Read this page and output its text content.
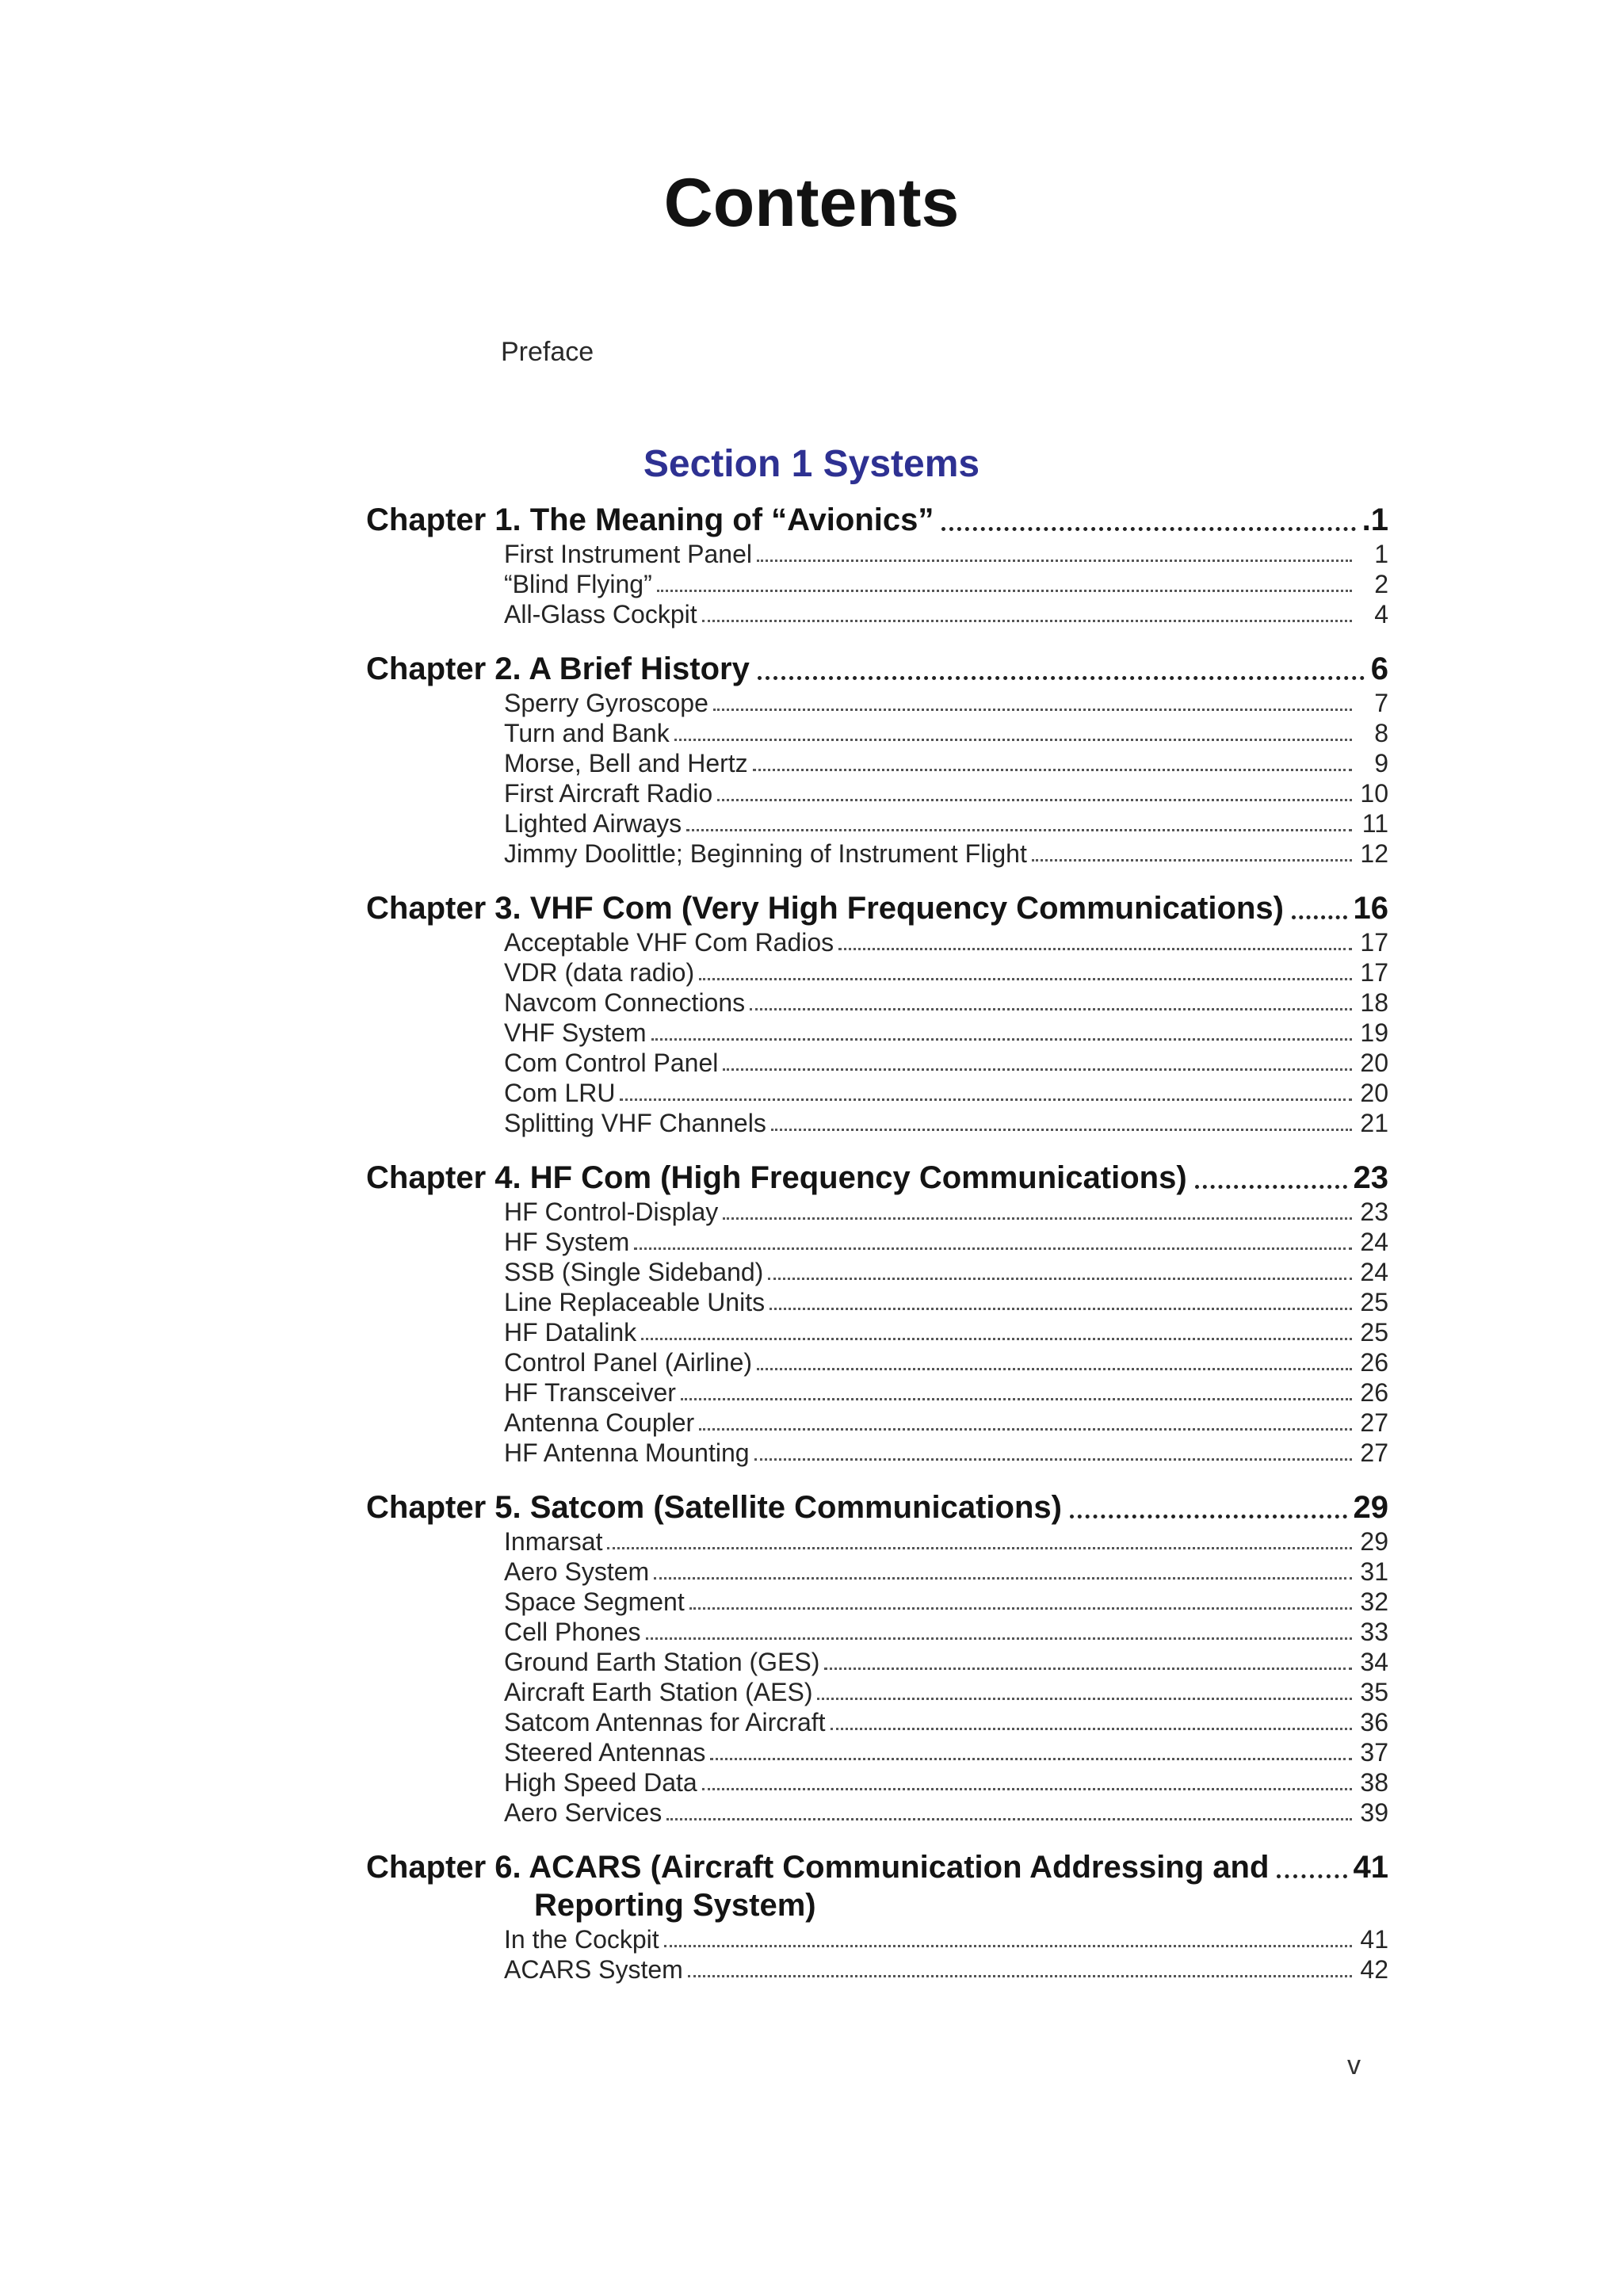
Contents
Preface
Section 1 Systems
Chapter 1. The Meaning of “Avionics”	.1
First Instrument Panel	1
“Blind Flying”	2
All-Glass Cockpit	4
Chapter 2. A Brief History	6
Sperry Gyroscope	7
Turn and Bank	8
Morse, Bell and Hertz	9
First Aircraft Radio	10
Lighted Airways	11
Jimmy Doolittle; Beginning of Instrument Flight	12
Chapter 3. VHF Com (Very High Frequency Communications) 16
Acceptable VHF Com Radios	17
VDR (data radio)	17
Navcom Connections	18
VHF System	19
Com Control Panel	20
Com LRU	20
Splitting VHF Channels	21
Chapter 4. HF Com (High Frequency Communications)	23
HF Control-Display	23
HF System	24
SSB (Single Sideband)	24
Line Replaceable Units	25
HF Datalink	25
Control Panel (Airline)	26
HF Transceiver	26
Antenna Coupler	27
HF Antenna Mounting	27
Chapter 5. Satcom (Satellite Communications)	29
Inmarsat	29
Aero System	31
Space Segment	32
Cell Phones	33
Ground Earth Station (GES)	34
Aircraft Earth Station (AES)	35
Satcom Antennas for Aircraft	36
Steered Antennas	37
High Speed Data	38
Aero Services	39
Chapter 6. ACARS (Aircraft Communication Addressing and	41
Reporting System)
In the Cockpit	41
ACARS System	42
v
